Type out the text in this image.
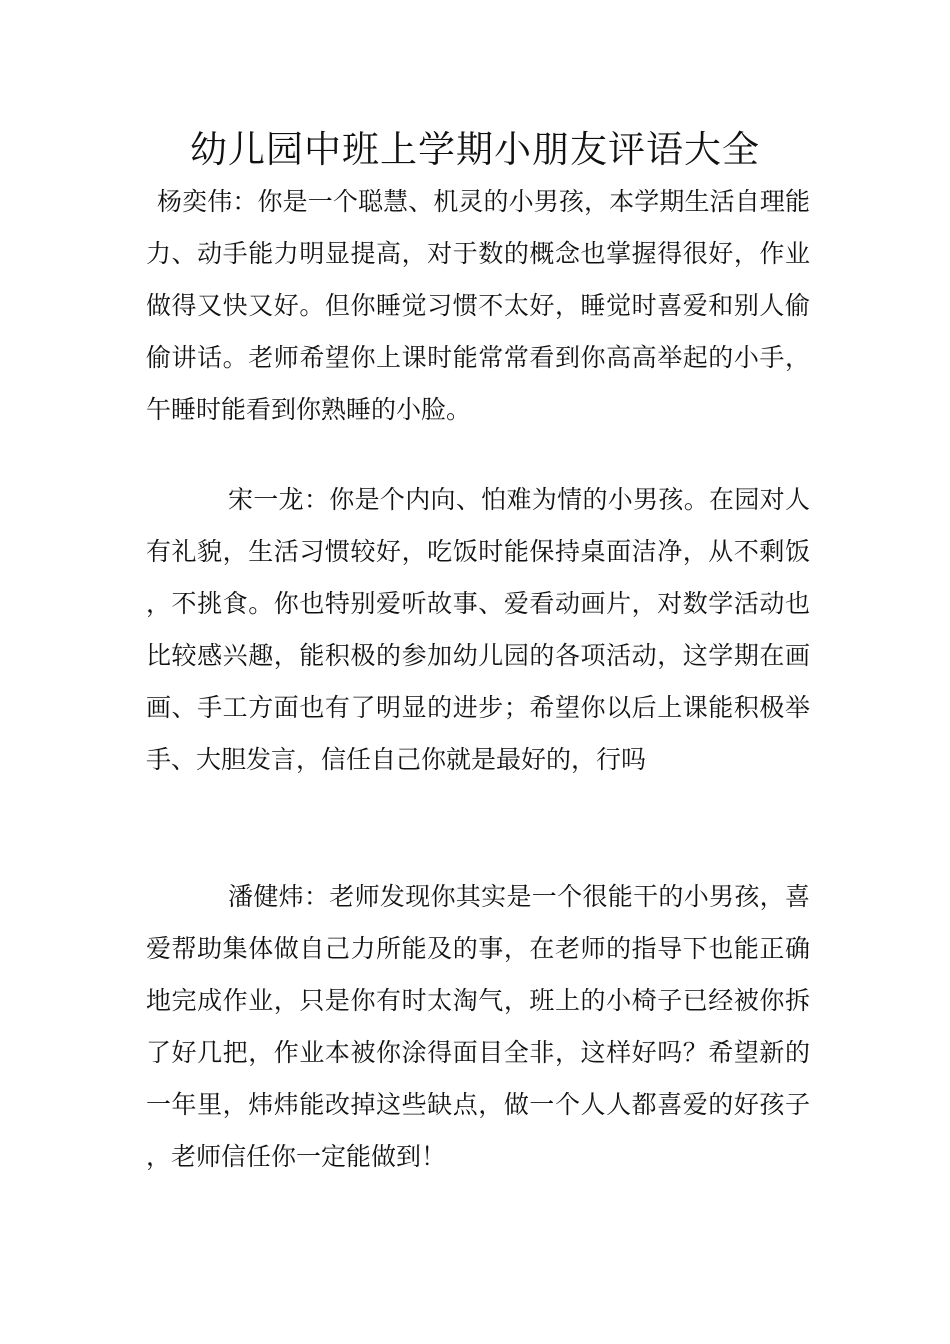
幼儿园中班上学期小朋友评语大全

杨奕伟：你是一个聪慧、机灵的小男孩，本学期生活自理能力、动手能力明显提高，对于数的概念也掌握得很好，作业做得又快又好。但你睡觉习惯不太好，睡觉时喜爱和别人偷偷讲话。老师希望你上课时能常常看到你高高举起的小手，午睡时能看到你熟睡的小脸。

宋一龙：你是个内向、怕难为情的小男孩。在园对人有礼貌，生活习惯较好，吃饭时能保持桌面洁净，从不剩饭，不挑食。你也特别爱听故事、爱看动画片，对数学活动也比较感兴趣，能积极的参加幼儿园的各项活动，这学期在画画、手工方面也有了明显的进步；希望你以后上课能积极举手、大胆发言，信任自己你就是最好的，行吗

潘健炜：老师发现你其实是一个很能干的小男孩，喜爱帮助集体做自己力所能及的事，在老师的指导下也能正确地完成作业，只是你有时太淘气，班上的小椅子已经被你拆了好几把，作业本被你涂得面目全非，这样好吗？希望新的一年里，炜炜能改掉这些缺点，做一个人人都喜爱的好孩子，老师信任你一定能做到！
